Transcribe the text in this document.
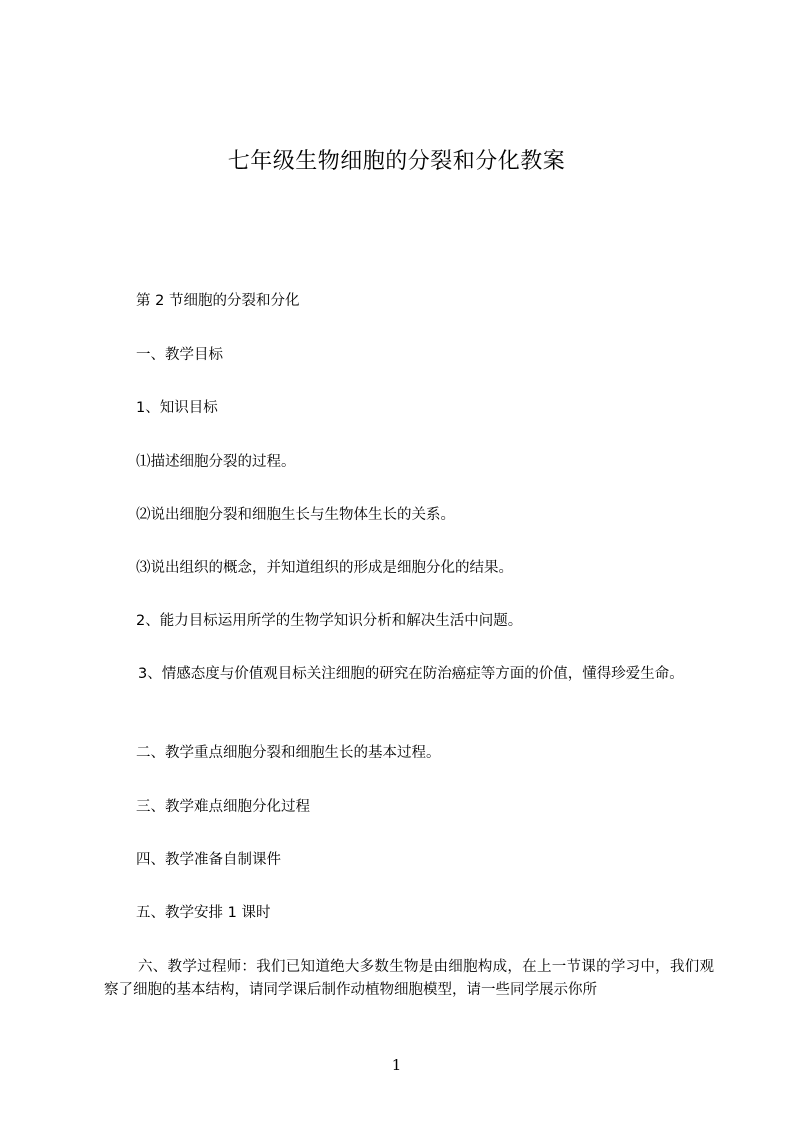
七年级生物细胞的分裂和分化教案
第 2 节细胞的分裂和分化
一、教学目标
1、知识目标
⑴描述细胞分裂的过程。
⑵说出细胞分裂和细胞生长与生物体生长的关系。
⑶说出组织的概念，并知道组织的形成是细胞分化的结果。
2、能力目标运用所学的生物学知识分析和解决生活中问题。
3、情感态度与价值观目标关注细胞的研究在防治癌症等方面的价值，懂得珍爱生命。
二、教学重点细胞分裂和细胞生长的基本过程。
三、教学难点细胞分化过程
四、教学准备自制课件
五、教学安排 1 课时
六、教学过程师：我们已知道绝大多数生物是由细胞构成，在上一节课的学习中，我们观察了细胞的基本结构，请同学课后制作动植物细胞模型，请一些同学展示你所
1
